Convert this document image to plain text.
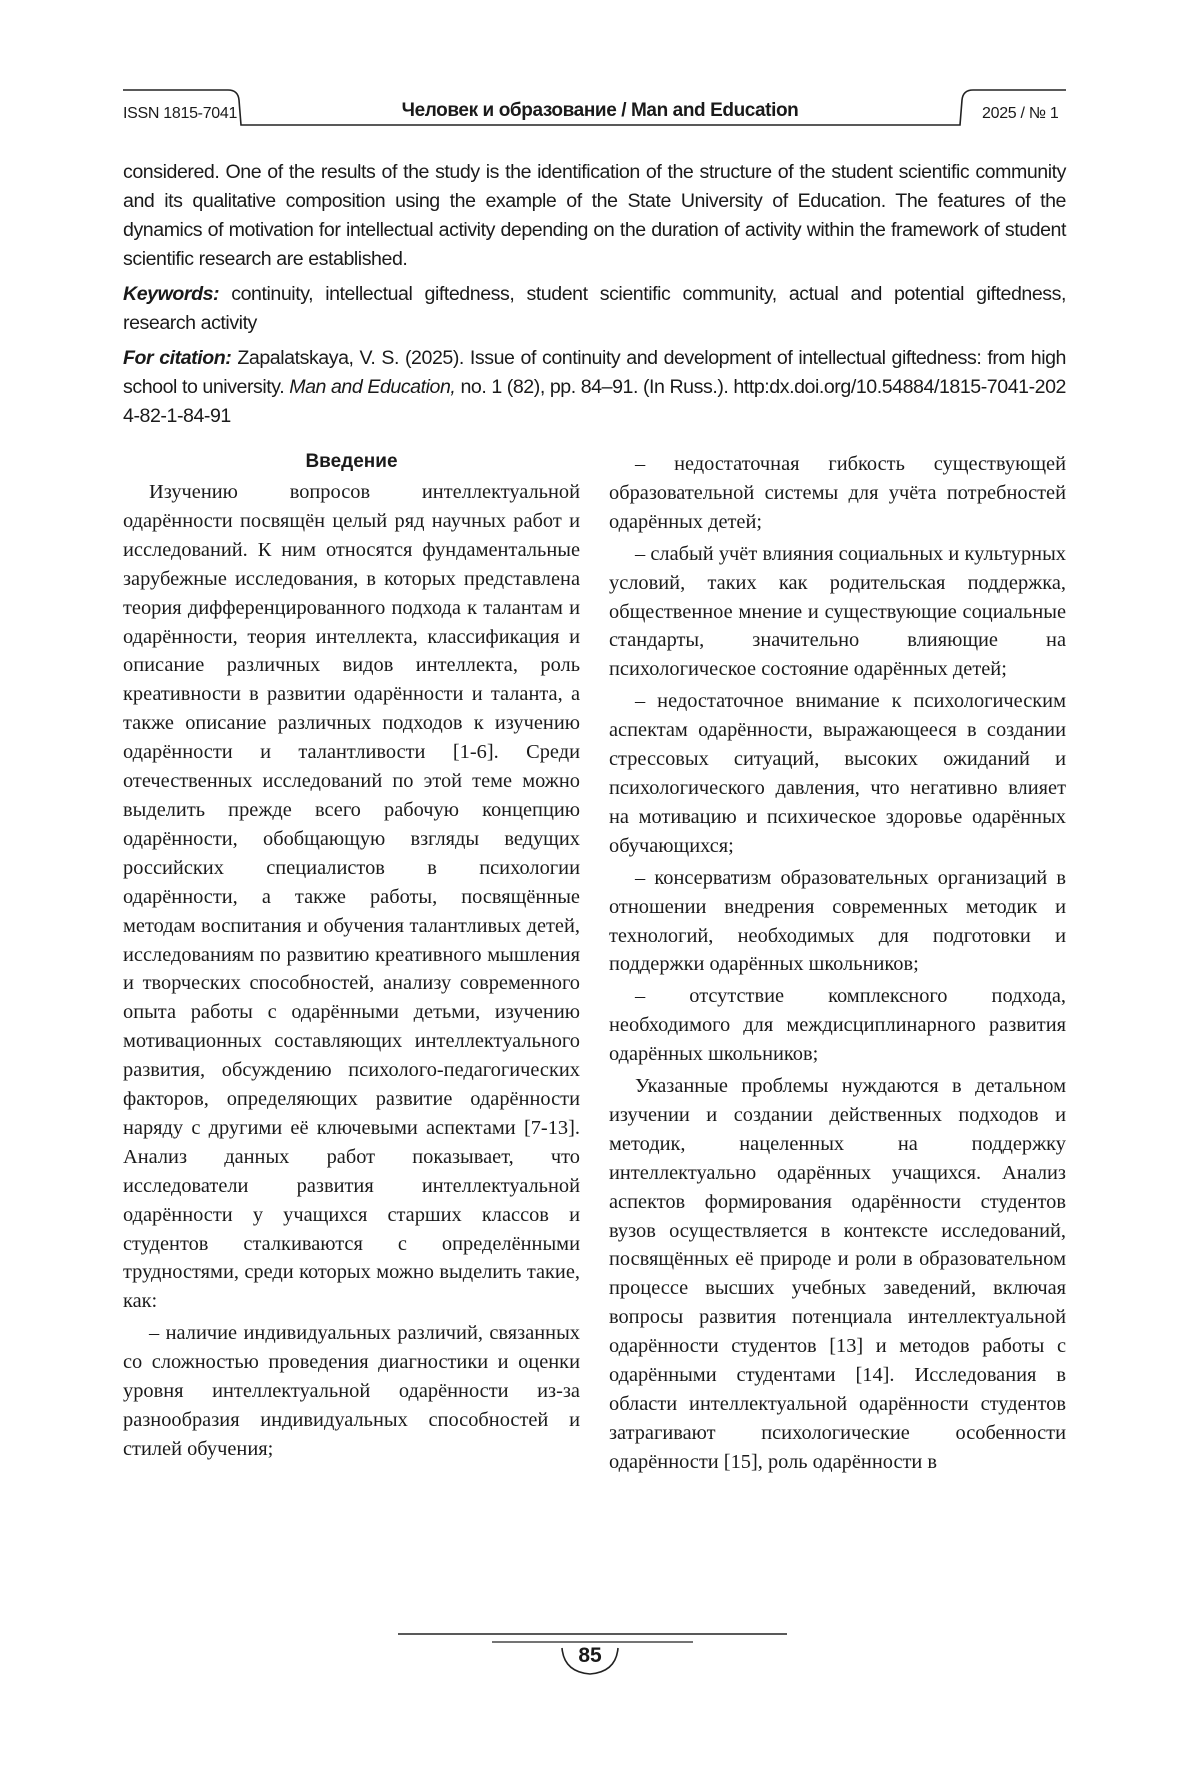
ISSN 1815-7041	Человек и образование / Man and Education	2025 / № 1

considered. One of the results of the study is the identification of the structure of the student scientific community and its qualitative composition using the example of the State University of Education. The features of the dynamics of motivation for intellectual activity depending on the duration of activity within the framework of student scientific research are established.

Keywords: continuity, intellectual giftedness, student scientific community, actual and potential gifted­ness, research activity

For citation: Zapalatskaya, V. S. (2025). Issue of continuity and development of intellectual giftedness: from high school to university. Man and Education, no. 1 (82), pp. 84–91. (In Russ.). http:dx.doi.org/10.54884/1815-7041-2024-82-1-84-91

Введение

Изучению вопросов интеллектуальной одарённости посвящён целый ряд научных работ и исследований. К ним относятся фундаментальные зарубежные исследования, в которых представлена теория дифференцированного подхода к талантам и одарённости, теория интеллекта, классификация и описание различных видов интеллекта, роль креативности в развитии одарённости и таланта, а также описание различных подходов к изучению одарённости и талантливости [1-6]. Среди отечественных исследований по этой теме можно выделить прежде всего рабочую концепцию одарённости, обобщающую взгляды ведущих российских специалистов в психологии одарённости, а также работы, посвящённые методам воспитания и обучения талантливых детей, исследованиям по развитию креативного мышления и творческих способностей, анализу современного опыта работы с одарёнными детьми, изучению мотивационных составляющих интеллектуального развития, обсуждению психолого-педагогических факторов, определяющих развитие одарённости наряду с другими её ключевыми аспектами [7-13]. Анализ данных работ показывает, что исследователи развития интеллектуальной одарённости у учащихся старших классов и студентов сталкиваются с определёнными трудностями, среди которых можно выделить такие, как:

– наличие индивидуальных различий, связанных со сложностью проведения диагностики и оценки уровня интеллектуальной одарённости из-за разнообразия индивидуальных способностей и стилей обучения;

– недостаточная гибкость существующей образовательной системы для учёта потребностей одарённых детей;

– слабый учёт влияния социальных и культурных условий, таких как родительская поддержка, общественное мнение и существующие социальные стандарты, значительно влияющие на психологическое состояние одарённых детей;

– недостаточное внимание к психологическим аспектам одарённости, выражающееся в создании стрессовых ситуаций, высоких ожиданий и психологического давления, что негативно влияет на мотивацию и психическое здоровье одарённых обучающихся;

– консерватизм образовательных организаций в отношении внедрения современных методик и технологий, необходимых для подготовки и поддержки одарённых школьников;

– отсутствие комплексного подхода, необходимого для междисциплинарного развития одарённых школьников;

Указанные проблемы нуждаются в детальном изучении и создании действенных подходов и методик, нацеленных на поддержку интеллектуально одарённых учащихся. Анализ аспектов формирования одарённости студентов вузов осуществляется в контексте исследований, посвящённых её природе и роли в образовательном процессе высших учебных заведений, включая вопросы развития потенциала интеллектуальной одарённости студентов [13] и методов работы с одарёнными студентами [14]. Исследования в области интеллектуальной одарённости студентов затрагивают психологические особенности одарённости [15], роль одарённости в

85
